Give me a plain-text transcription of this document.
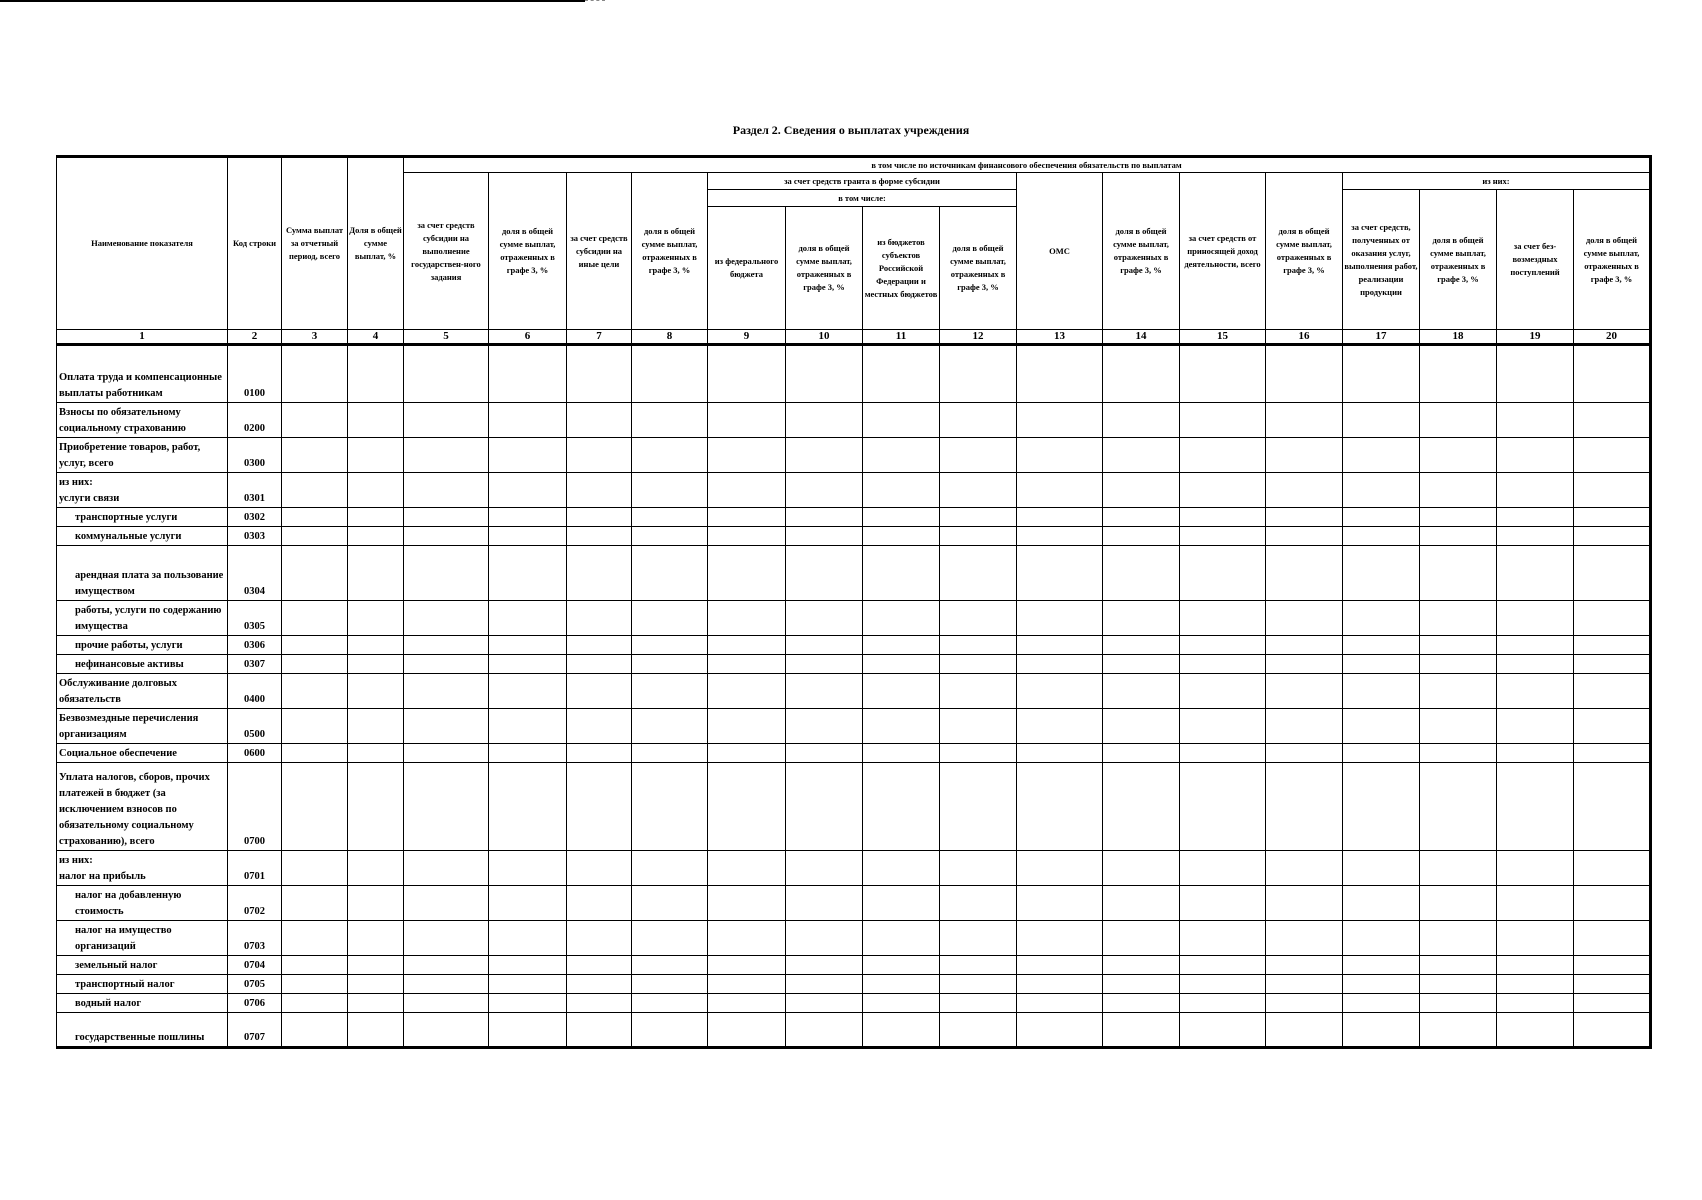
Раздел 2. Сведения о выплатах учреждения
Наименование показателя	Код строки	Сумма выплат за отчетный период, всего	Доля в общей сумме выплат, %	в том числе по источникам финансового обеспечения обязательств по выплатам															
				за счет средств субсидии на выполнение государствен-ного задания	доля в общей сумме выплат, отраженных в графе 3, %	за счет средств субсидии на иные цели	доля в общей сумме выплат, отраженных в графе 3, %	за счет средств гранта в форме субсидии				ОМС	доля в общей сумме выплат, отраженных в графе 3, %	за счет средств от приносящей доход деятельности, всего	доля в общей сумме выплат, отраженных в графе 3, %	из них:			
								в том числе:								за счет средств, полученных от оказания услуг, выполнения работ, реализации продукции	доля в общей сумме выплат, отраженных в графе 3, %	за счет без-возмездных поступлений	доля в общей сумме выплат, отраженных в графе 3, %
								из федерального бюджета	доля в общей сумме выплат, отраженных в графе 3, %	из бюджетов субъектов Российской Федерации и местных бюджетов	доля в общей сумме выплат, отраженных в графе 3, %								
1	2	3	4	5	6	7	8	9	10	11	12	13	14	15	16	17	18	19	20
Оплата труда и компенсационные выплаты работникам	0100																		
Взносы по обязательному социальному страхованию	0200																		
Приобретение товаров, работ, услуг, всего	0300																		
из них:
услуги связи	0301																		
транспортные услуги	0302																		
коммунальные услуги	0303																		
арендная плата за пользование имуществом	0304																		
работы, услуги по содержанию имущества	0305																		
прочие работы, услуги	0306																		
нефинансовые активы	0307																		
Обслуживание долговых обязательств	0400																		
Безвозмездные перечисления организациям	0500																		
Социальное обеспечение	0600																		
Уплата налогов, сборов, прочих платежей в бюджет (за исключением взносов по обязательному социальному страхованию), всего	0700																		
из них:
налог на прибыль	0701																		
налог на добавленную стоимость	0702																		
налог на имущество организаций	0703																		
земельный налог	0704																		
транспортный налог	0705																		
водный налог	0706																		
государственные пошлины	0707																		
